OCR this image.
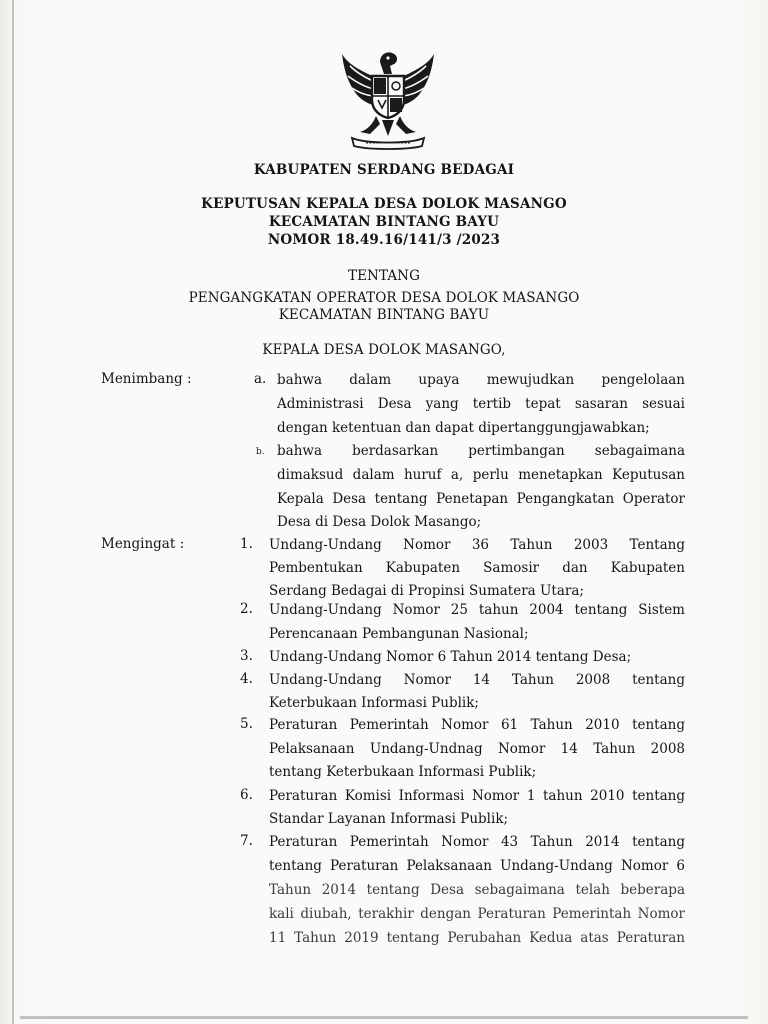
KABUPATEN SERDANG BEDAGAI
KEPUTUSAN KEPALA DESA DOLOK MASANGO
KECAMATAN BINTANG BAYU
NOMOR 18.49.16/141/3 /2023
TENTANG
PENGANGKATAN OPERATOR DESA DOLOK MASANGO
KECAMATAN BINTANG BAYU
KEPALA DESA DOLOK MASANGO,
Menimbang :	a. bahwa dalam upaya mewujudkan pengelolaan
Administrasi Desa yang tertib tepat sasaran sesuai
dengan ketentuan dan dapat dipertanggungjawabkan;
b. bahwa berdasarkan pertimbangan sebagaimana
dimaksud dalam huruf a, perlu menetapkan Keputusan
Kepala Desa tentang Penetapan Pengangkatan Operator
Desa di Desa Dolok Masango;
Mengingat :	1. Undang-Undang Nomor 36 Tahun 2003 Tentang
Pembentukan Kabupaten Samosir dan Kabupaten
Serdang Bedagai di Propinsi Sumatera Utara;
2. Undang-Undang Nomor 25 tahun 2004 tentang Sistem
Perencanaan Pembangunan Nasional;
3. Undang-Undang Nomor 6 Tahun 2014 tentang Desa;
4. Undang-Undang Nomor 14 Tahun 2008 tentang
Keterbukaan Informasi Publik;
5. Peraturan Pemerintah Nomor 61 Tahun 2010 tentang
Pelaksanaan Undang-Undnag Nomor 14 Tahun 2008
tentang Keterbukaan Informasi Publik;
6. Peraturan Komisi Informasi Nomor 1 tahun 2010 tentang
Standar Layanan Informasi Publik;
7. Peraturan Pemerintah Nomor 43 Tahun 2014 tentang
tentang Peraturan Pelaksanaan Undang-Undang Nomor 6
Tahun 2014 tentang Desa sebagaimana telah beberapa
kali diubah, terakhir dengan Peraturan Pemerintah Nomor
11 Tahun 2019 tentang Perubahan Kedua atas Peraturan
